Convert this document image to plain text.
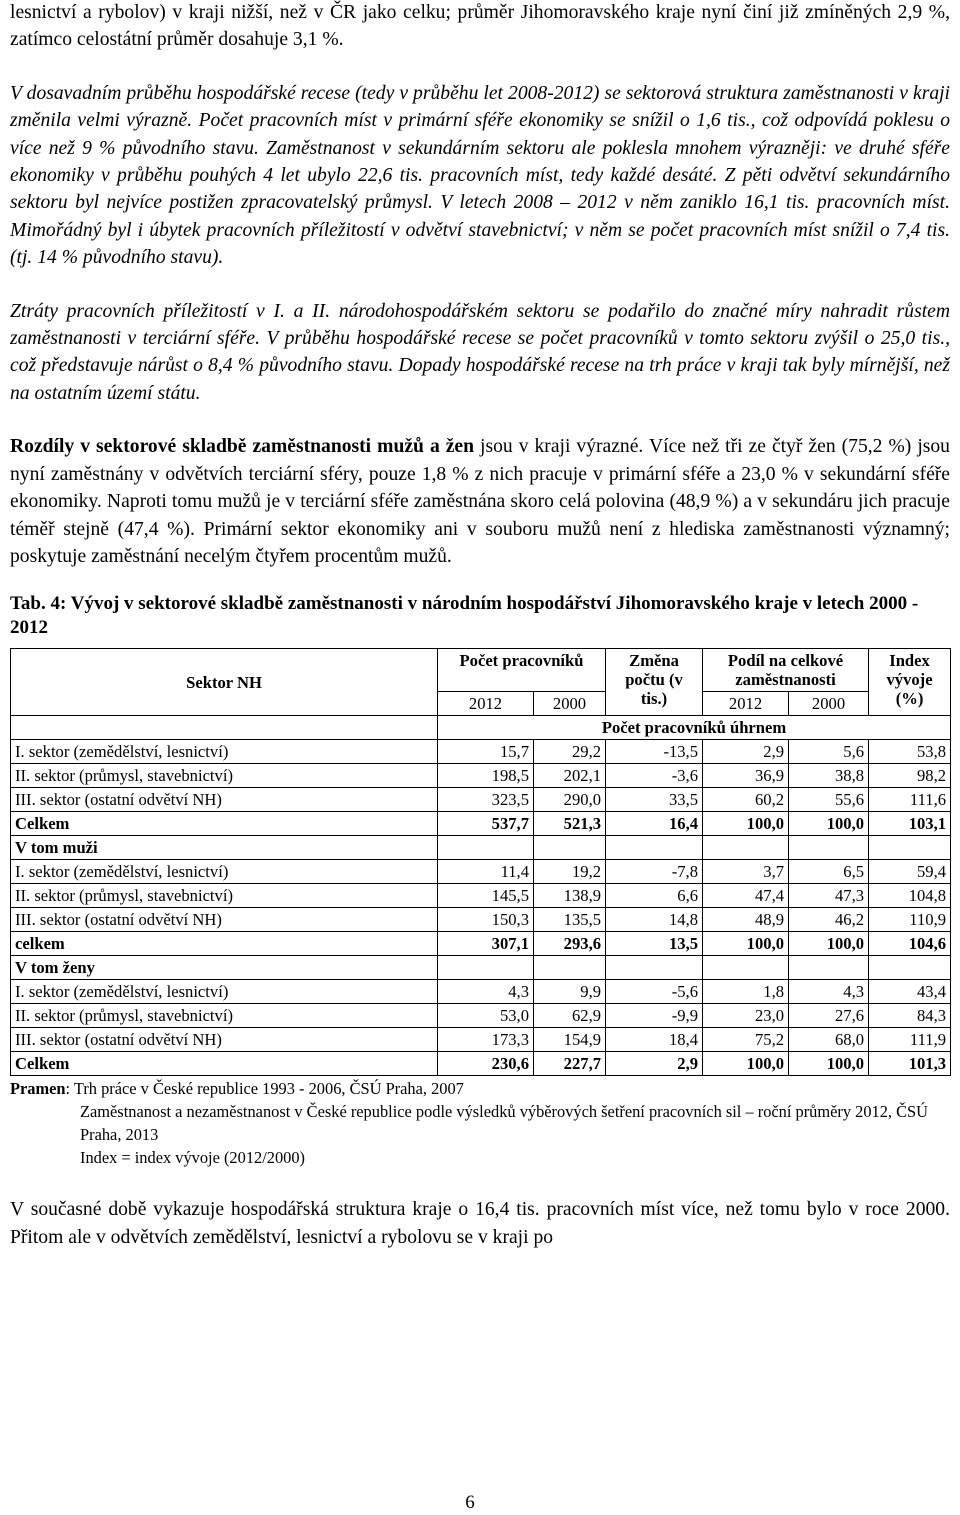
lesnictví a rybolov) v kraji nižší, než v ČR jako celku; průměr Jihomoravského kraje nyní činí již zmíněných 2,9 %, zatímco celostátní průměr dosahuje 3,1 %.

V dosavadním průběhu hospodářské recese (tedy v průběhu let 2008-2012) se sektorová struktura zaměstnanosti v kraji změnila velmi výrazně. Počet pracovních míst v primární sféře ekonomiky se snížil o 1,6 tis., což odpovídá poklesu o více než 9 % původního stavu. Zaměstnanost v sekundárním sektoru ale poklesla mnohem výrazněji: ve druhé sféře ekonomiky v průběhu pouhých 4 let ubylo 22,6 tis. pracovních míst, tedy každé desáté. Z pěti odvětví sekundárního sektoru byl nejvíce postižen zpracovatelský průmysl. V letech 2008 – 2012 v něm zaniklo 16,1 tis. pracovních míst. Mimořádný byl i úbytek pracovních příležitostí v odvětví stavebnictví; v něm se počet pracovních míst snížil o 7,4 tis. (tj. 14 % původního stavu).

Ztráty pracovních příležitostí v I. a II. národohospodářském sektoru se podařilo do značné míry nahradit růstem zaměstnanosti v terciární sféře. V průběhu hospodářské recese se počet pracovníků v tomto sektoru zvýšil o 25,0 tis., což představuje nárůst o 8,4 % původního stavu. Dopady hospodářské recese na trh práce v kraji tak byly mírnější, než na ostatním území státu.

Rozdíly v sektorové skladbě zaměstnanosti mužů a žen jsou v kraji výrazné. Více než tři ze čtyř žen (75,2 %) jsou nyní zaměstnány v odvětvích terciární sféry, pouze 1,8 % z nich pracuje v primární sféře a 23,0 % v sekundární sféře ekonomiky. Naproti tomu mužů je v terciární sféře zaměstnána skoro celá polovina (48,9 %) a v sekundáru jich pracuje téměř stejně (47,4 %). Primární sektor ekonomiky ani v souboru mužů není z hlediska zaměstnanosti významný; poskytuje zaměstnání necelým čtyřem procentům mužů.

Tab. 4: Vývoj v sektorové skladbě zaměstnanosti v národním hospodářství Jihomoravského kraje v letech 2000 - 2012

Sektor NH	Počet pracovníků		Změna počtu (v tis.)	Podíl na celkové zaměstnanosti		Index vývoje (%)
	2012	2000		2012	2000	
	Počet pracovníků úhrnem					
I. sektor (zemědělství, lesnictví)	15,7	29,2	-13,5	2,9	5,6	53,8
II. sektor (průmysl, stavebnictví)	198,5	202,1	-3,6	36,9	38,8	98,2
III. sektor (ostatní odvětví NH)	323,5	290,0	33,5	60,2	55,6	111,6
Celkem	537,7	521,3	16,4	100,0	100,0	103,1
V tom muži						
I. sektor (zemědělství, lesnictví)	11,4	19,2	-7,8	3,7	6,5	59,4
II. sektor (průmysl, stavebnictví)	145,5	138,9	6,6	47,4	47,3	104,8
III. sektor (ostatní odvětví NH)	150,3	135,5	14,8	48,9	46,2	110,9
celkem	307,1	293,6	13,5	100,0	100,0	104,6
V tom ženy						
I. sektor (zemědělství, lesnictví)	4,3	9,9	-5,6	1,8	4,3	43,4
II. sektor (průmysl, stavebnictví)	53,0	62,9	-9,9	23,0	27,6	84,3
III. sektor (ostatní odvětví NH)	173,3	154,9	18,4	75,2	68,0	111,9
Celkem	230,6	227,7	2,9	100,0	100,0	101,3
Pramen: Trh práce v České republice 1993 - 2006, ČSÚ Praha, 2007
Zaměstnanost a nezaměstnanost v České republice podle výsledků výběrových šetření pracovních sil – roční průměry 2012, ČSÚ Praha, 2013
Index = index vývoje (2012/2000)

V současné době vykazuje hospodářská struktura kraje o 16,4 tis. pracovních míst více, než tomu bylo v roce 2000. Přitom ale v odvětvích zemědělství, lesnictví a rybolovu se v kraji po

6
